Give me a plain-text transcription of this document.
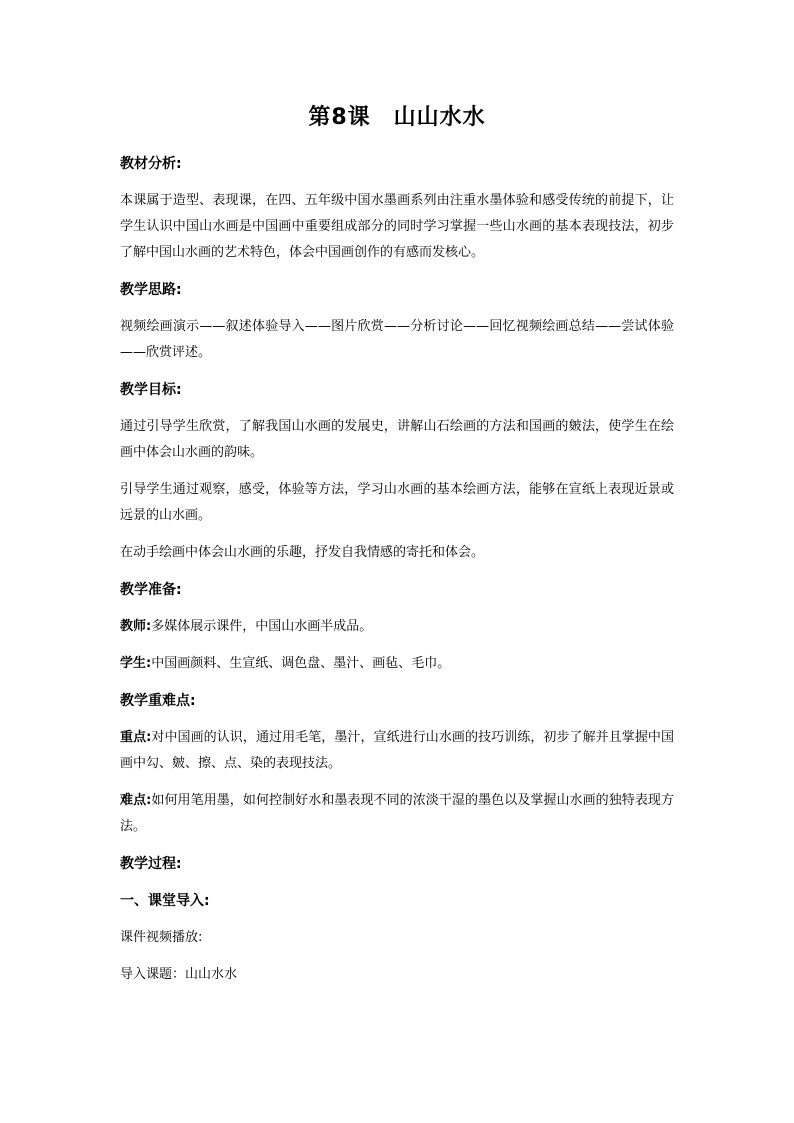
第8课　山山水水
教材分析:
本课属于造型、表现课，在四、五年级中国水墨画系列由注重水墨体验和感受传统的前提下，让学生认识中国山水画是中国画中重要组成部分的同时学习掌握一些山水画的基本表现技法，初步了解中国山水画的艺术特色，体会中国画创作的有感而发核心。
教学思路:
视频绘画演示——叙述体验导入——图片欣赏——分析讨论——回忆视频绘画总结——尝试体验——欣赏评述。
教学目标:
通过引导学生欣赏，了解我国山水画的发展史，讲解山石绘画的方法和国画的皴法，使学生在绘画中体会山水画的韵味。
引导学生通过观察，感受，体验等方法，学习山水画的基本绘画方法，能够在宣纸上表现近景或远景的山水画。
在动手绘画中体会山水画的乐趣，抒发自我情感的寄托和体会。
教学准备:
教师:多媒体展示课件，中国山水画半成品。
学生:中国画颜料、生宣纸、调色盘、墨汁、画毡、毛巾。
教学重难点:
重点:对中国画的认识，通过用毛笔，墨汁，宣纸进行山水画的技巧训练，初步了解并且掌握中国画中勾、皴、擦、点、染的表现技法。
难点:如何用笔用墨，如何控制好水和墨表现不同的浓淡干湿的墨色以及掌握山水画的独特表现方法。
教学过程:
一、课堂导入:
课件视频播放:
导入课题：山山水水
